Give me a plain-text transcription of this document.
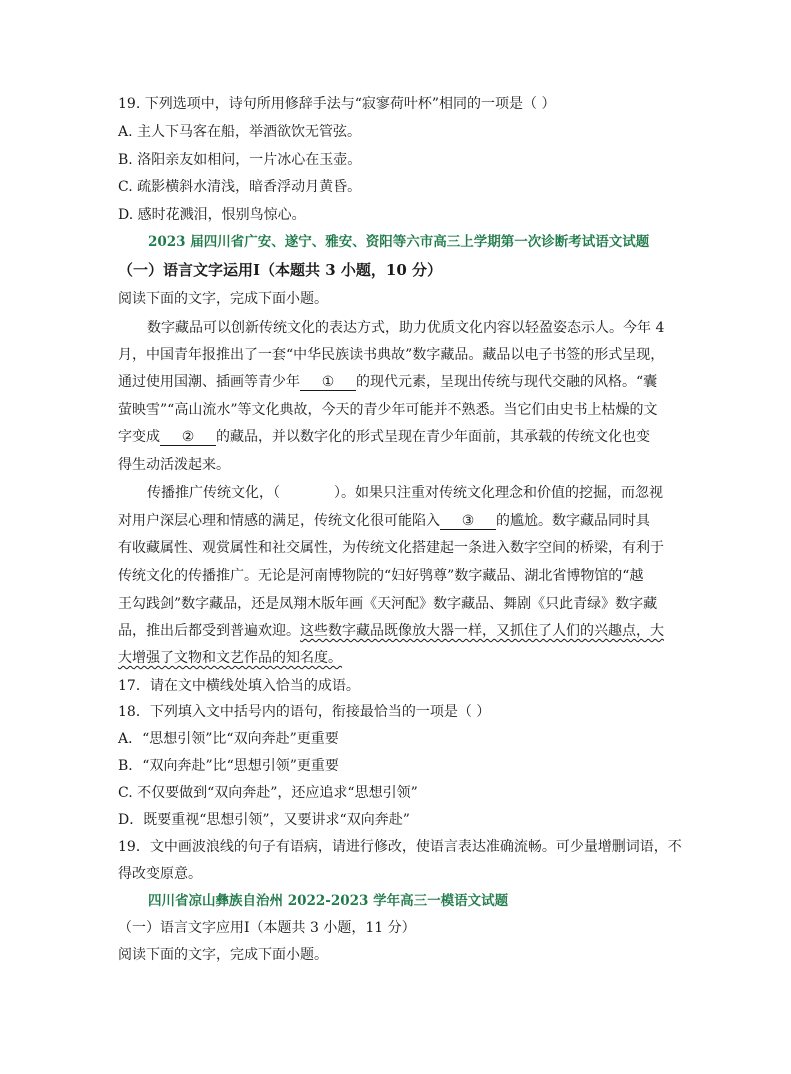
19. 下列选项中，诗句所用修辞手法与“寂寥荷叶杯”相同的一项是（ ）
A. 主人下马客在船，举酒欲饮无管弦。
B. 洛阳亲友如相问，一片冰心在玉壶。
C. 疏影横斜水清浅，暗香浮动月黄昏。
D. 感时花溅泪，恨别鸟惊心。
2023 届四川省广安、遂宁、雅安、资阳等六市高三上学期第一次诊断考试语文试题
（一）语言文字运用Ⅰ（本题共 3 小题，10 分）
阅读下面的文字，完成下面小题。
数字藏品可以创新传统文化的表达方式，助力优质文化内容以轻盈姿态示人。今年 4
月，中国青年报推出了一套“中华民族读书典故”数字藏品。藏品以电子书签的形式呈现，
通过使用国潮、插画等青少年 ① 的现代元素，呈现出传统与现代交融的风格。“囊
萤映雪”“高山流水”等文化典故，今天的青少年可能并不熟悉。当它们由史书上枯燥的文
字变成 ② 的藏品，并以数字化的形式呈现在青少年面前，其承载的传统文化也变
得生动活泼起来。
传播推广传统文化，（	）。如果只注重对传统文化理念和价值的挖掘，而忽视
对用户深层心理和情感的满足，传统文化很可能陷入 ③ 的尴尬。数字藏品同时具
有收藏属性、观赏属性和社交属性，为传统文化搭建起一条进入数字空间的桥梁，有利于
传统文化的传播推广。无论是河南博物院的“妇好鸮尊”数字藏品、湖北省博物馆的“越
王勾践剑”数字藏品，还是凤翔木版年画《天河配》数字藏品、舞剧《只此青绿》数字藏
品，推出后都受到普遍欢迎。这些数字藏品既像放大器一样，又抓住了人们的兴趣点，大
大增强了文物和文艺作品的知名度。
17．请在文中横线处填入恰当的成语。
18．下列填入文中括号内的语句，衔接最恰当的一项是（ ）
A．“思想引领”比“双向奔赴”更重要
B．“双向奔赴”比“思想引领”更重要
C. 不仅要做到“双向奔赴”，还应追求“思想引领”
D．既要重视“思想引领”，又要讲求“双向奔赴”
19．文中画波浪线的句子有语病，请进行修改，使语言表达准确流畅。可少量增删词语，不
得改变原意。
四川省凉山彝族自治州 2022-2023 学年高三一模语文试题
（一）语言文字应用Ⅰ（本题共 3 小题，11 分）
阅读下面的文字，完成下面小题。
